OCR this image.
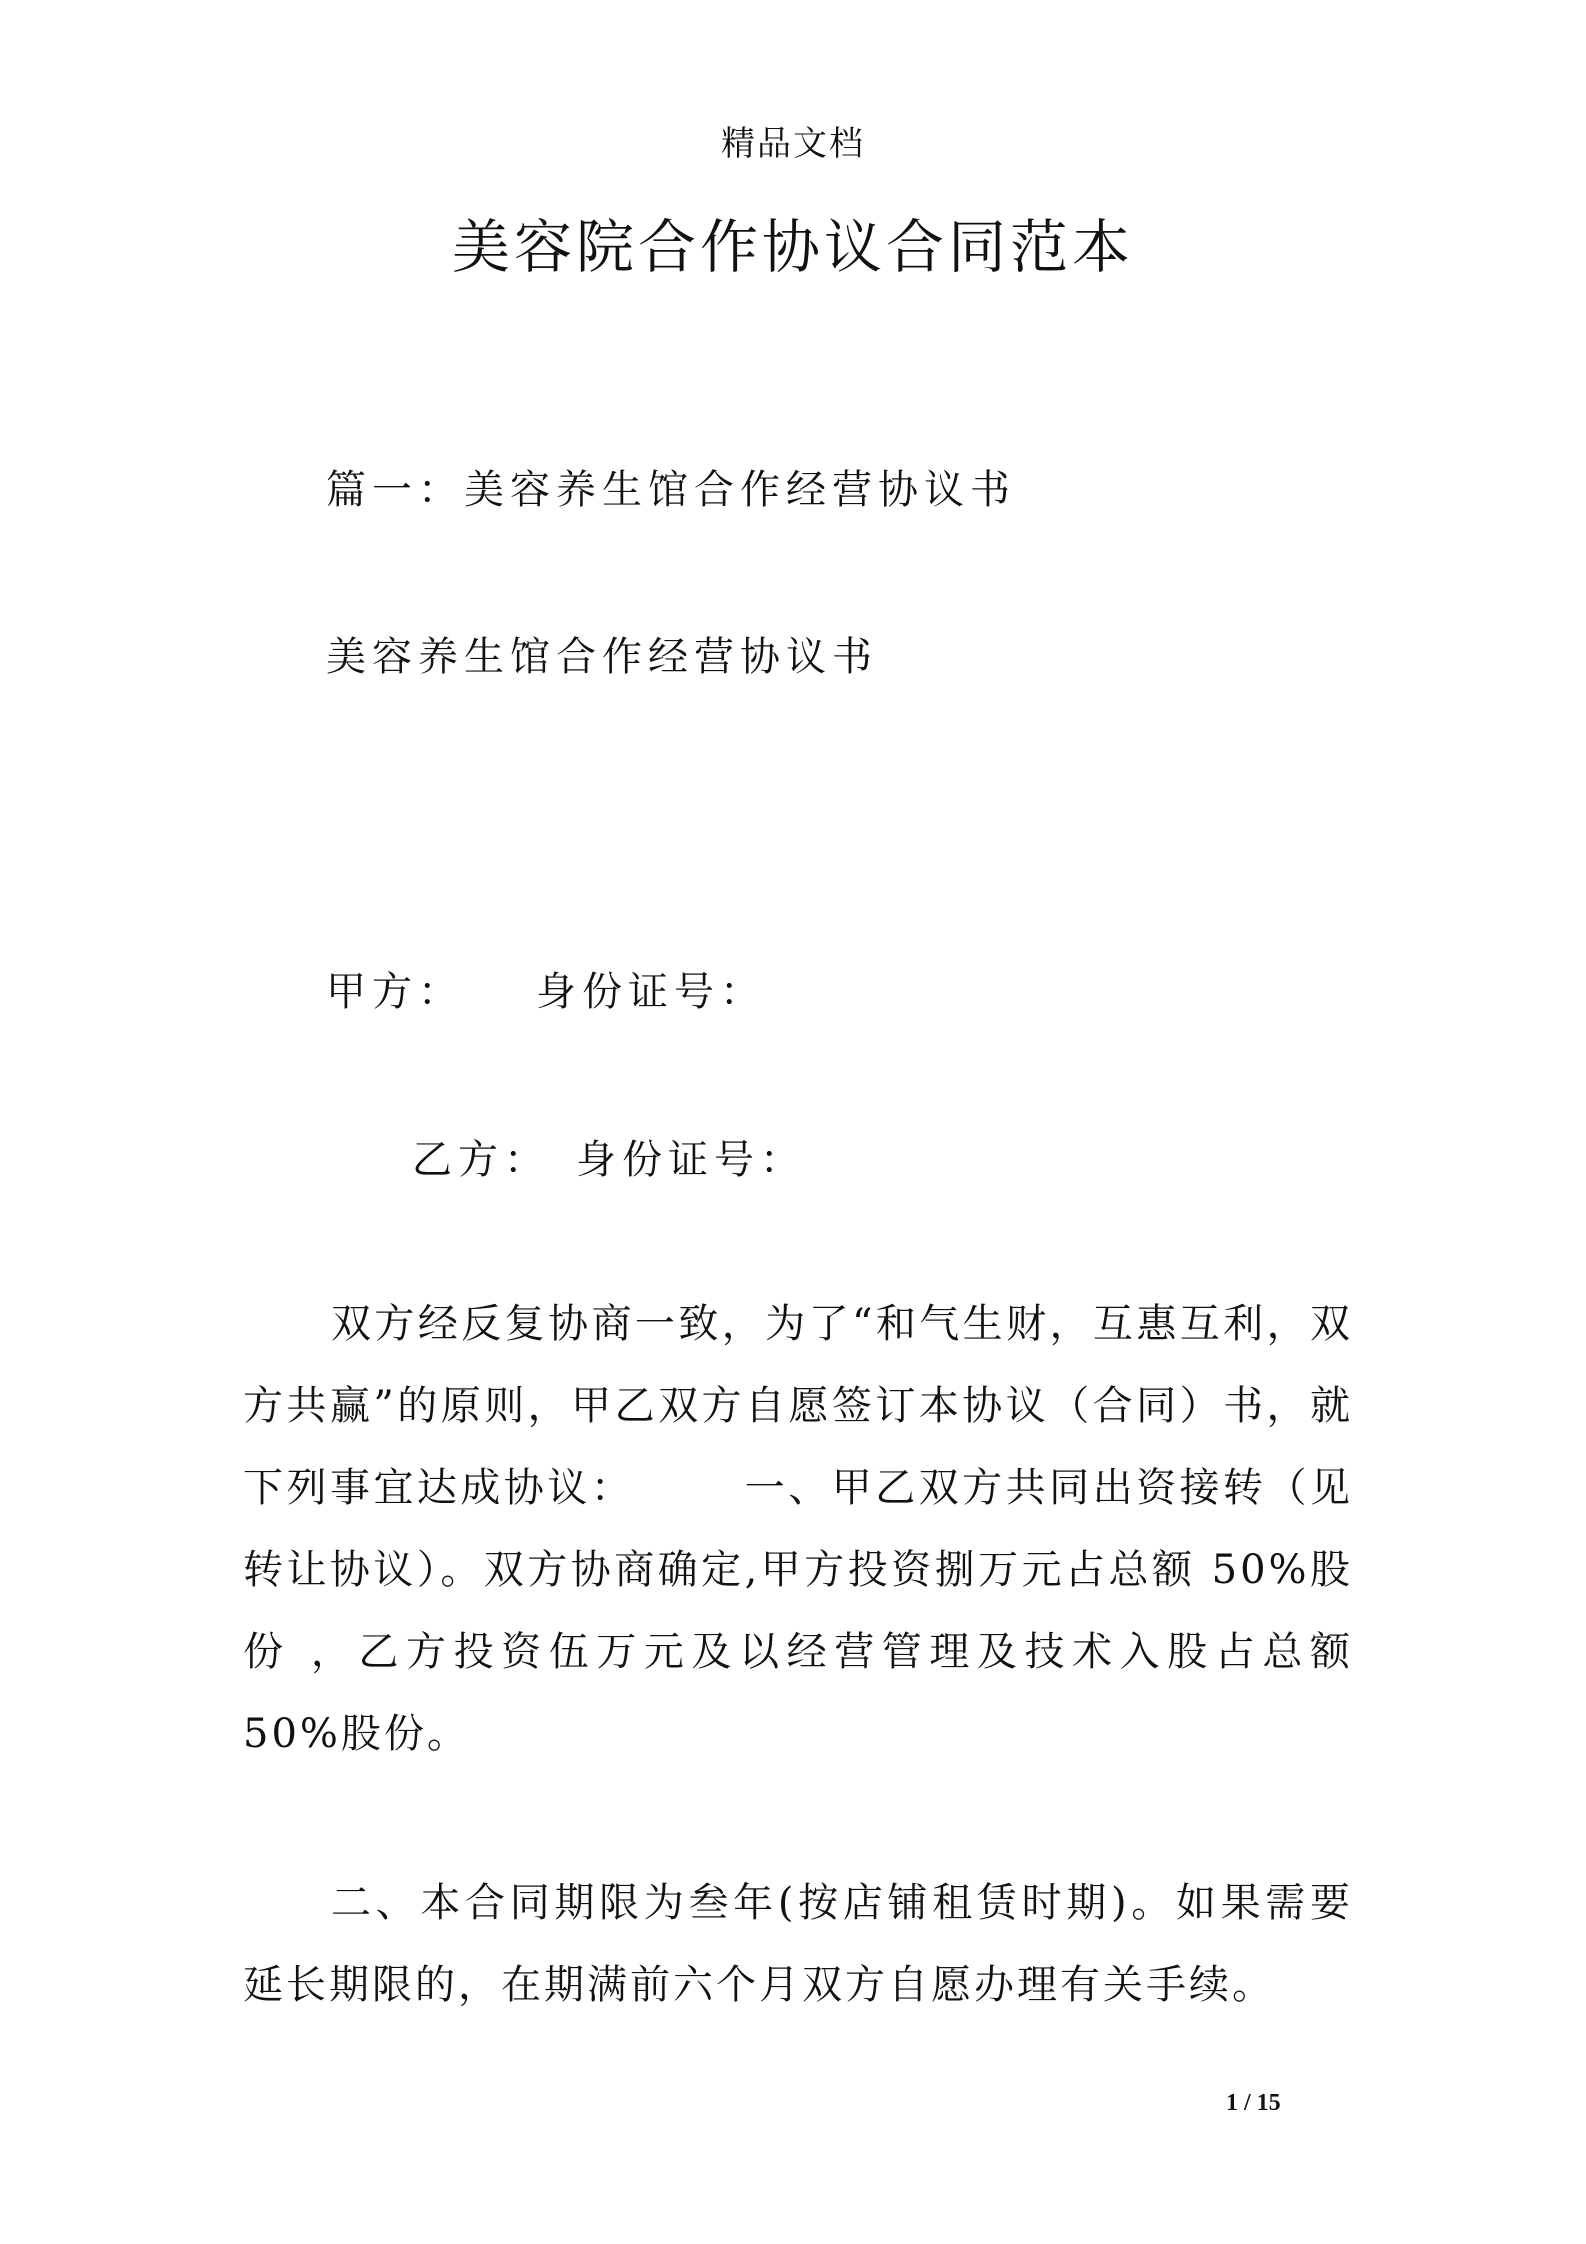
精品文档
美容院合作协议合同范本
篇一：美容养生馆合作经营协议书
美容养生馆合作经营协议书
甲方：　　身份证号：
乙方：　身份证号：

双方经反复协商一致，为了“和气生财，互惠互利，双方共赢”的原则，甲乙双方自愿签订本协议（合同）书，就下列事宜达成协议：　　　一、甲乙双方共同出资接转（见转让协议）。双方协商确定,甲方投资捌万元占总额 50%股份 ，乙方投资伍万元及以经营管理及技术入股占总额 50%股份。

二、本合同期限为叁年(按店铺租赁时期)。如果需要延长期限的，在期满前六个月双方自愿办理有关手续。

1 / 15
